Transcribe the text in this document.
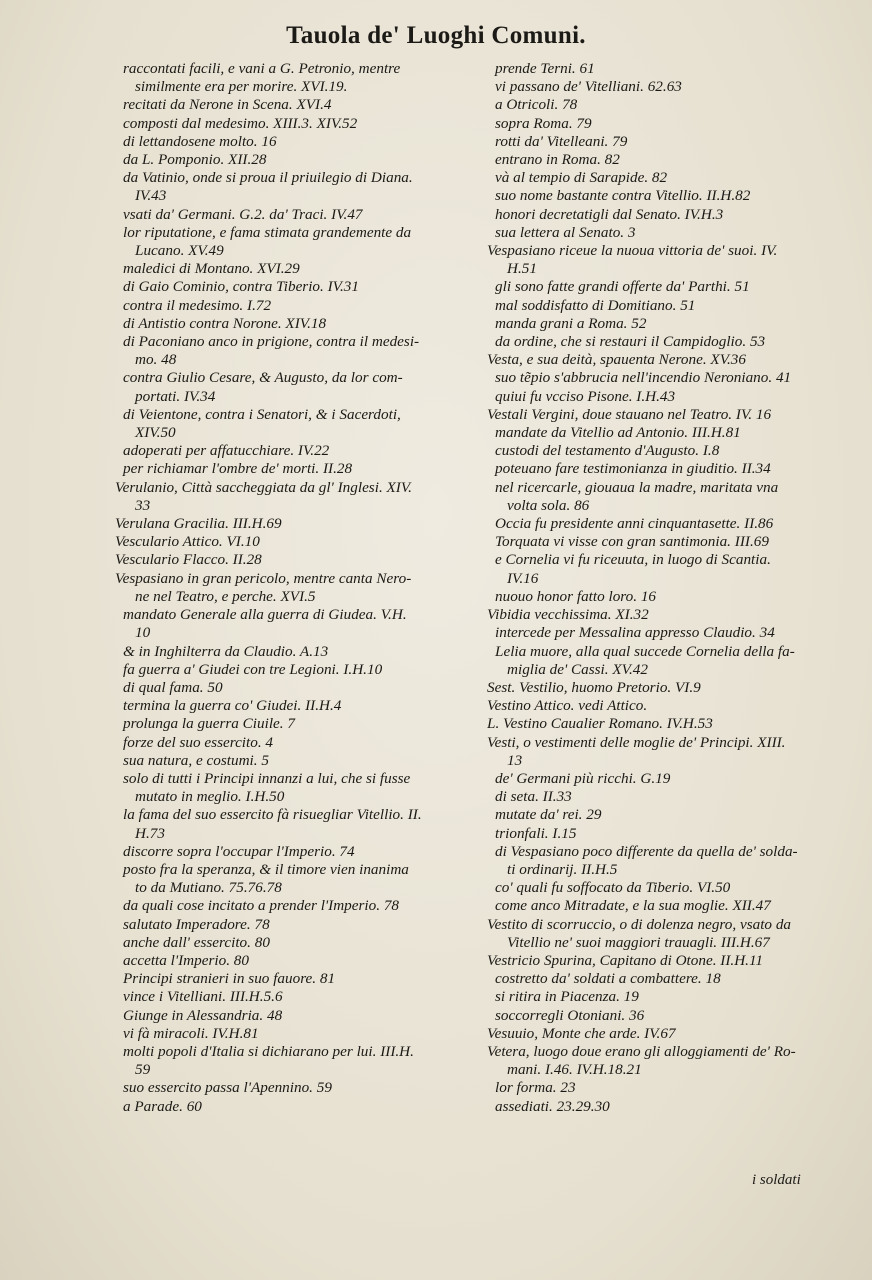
Tauola de' Luoghi Comuni.
raccontati facili, e vani a G. Petronio, mentre
similmente era per morire. XVI.19.
recitati da Nerone in Scena. XVI.4
composti dal medesimo. XIII.3. XIV.52
di lettandosene molto. 16
da L. Pomponio. XII.28
da Vatinio, onde si proua il priuilegio di Diana.
IV.43
vsati da' Germani. G.2. da' Traci. IV.47
lor riputatione, e fama stimata grandemente da
Lucano. XV.49
maledici di Montano. XVI.29
di Gaio Cominio, contra Tiberio. IV.31
contra il medesimo. I.72
di Antistio contra Norone. XIV.18
di Paconiano anco in prigione, contra il medesi-
mo. 48
contra Giulio Cesare, & Augusto, da lor com-
portati. IV.34
di Veientone, contra i Senatori, & i Sacerdoti,
XIV.50
adoperati per affatucchiare. IV.22
per richiamar l'ombre de' morti. II.28
Verulanio, Città saccheggiata da gl' Inglesi. XIV.
33
Verulana Gracilia. III.H.69
Vesculario Attico. VI.10
Vesculario Flacco. II.28
Vespasiano in gran pericolo, mentre canta Nero-
ne nel Teatro, e perche. XVI.5
mandato Generale alla guerra di Giudea. V.H.
10
& in Inghilterra da Claudio. A.13
fa guerra a' Giudei con tre Legioni. I.H.10
di qual fama. 50
termina la guerra co' Giudei. II.H.4
prolunga la guerra Ciuile. 7
forze del suo essercito. 4
sua natura, e costumi. 5
solo di tutti i Principi innanzi a lui, che si fusse
mutato in meglio. I.H.50
la fama del suo essercito fà risuegliar Vitellio. II.
H.73
discorre sopra l'occupar l'Imperio. 74
posto fra la speranza, & il timore vien inanima
to da Mutiano. 75.76.78
da quali cose incitato a prender l'Imperio. 78
salutato Imperadore. 78
anche dall' essercito. 80
accetta l'Imperio. 80
Principi stranieri in suo fauore. 81
vince i Vitelliani. III.H.5.6
Giunge in Alessandria. 48
vi fà miracoli. IV.H.81
molti popoli d'Italia si dichiarano per lui. III.H.
59
suo essercito passa l'Apennino. 59
a Parade. 60
prende Terni. 61
vi passano de' Vitelliani. 62.63
a Otricoli. 78
sopra Roma. 79
rotti da' Vitelleani. 79
entrano in Roma. 82
và al tempio di Sarapide. 82
suo nome bastante contra Vitellio. II.H.82
honori decretatigli dal Senato. IV.H.3
sua lettera al Senato. 3
Vespasiano riceue la nuoua vittoria de' suoi. IV.
H.51
gli sono fatte grandi offerte da' Parthi. 51
mal soddisfatto di Domitiano. 51
manda grani a Roma. 52
da ordine, che si restauri il Campidoglio. 53
Vesta, e sua deità, spauenta Nerone. XV.36
suo tẽpio s'abbrucia nell'incendio Neroniano. 41
quiui fu vcciso Pisone. I.H.43
Vestali Vergini, doue stauano nel Teatro. IV. 16
mandate da Vitellio ad Antonio. III.H.81
custodi del testamento d'Augusto. I.8
poteuano fare testimonianza in giuditio. II.34
nel ricercarle, giouaua la madre, maritata vna
volta sola. 86
Occia fu presidente anni cinquantasette. II.86
Torquata vi visse con gran santimonia. III.69
e Cornelia vi fu riceuuta, in luogo di Scantia.
IV.16
nuouo honor fatto loro. 16
Vibidia vecchissima. XI.32
intercede per Messalina appresso Claudio. 34
Lelia muore, alla qual succede Cornelia della fa-
miglia de' Cassi. XV.42
Sest. Vestilio, huomo Pretorio. VI.9
Vestino Attico. vedi Attico.
L. Vestino Caualier Romano. IV.H.53
Vesti, o vestimenti delle moglie de' Principi. XIII.
13
de' Germani più ricchi. G.19
di seta. II.33
mutate da' rei. 29
trionfali. I.15
di Vespasiano poco differente da quella de' solda-
ti ordinarij. II.H.5
co' quali fu soffocato da Tiberio. VI.50
come anco Mitradate, e la sua moglie. XII.47
Vestito di scorruccio, o di dolenza negro, vsato da
Vitellio ne' suoi maggiori trauagli. III.H.67
Vestricio Spurina, Capitano di Otone. II.H.11
costretto da' soldati a combattere. 18
si ritira in Piacenza. 19
soccorregli Otoniani. 36
Vesuuio, Monte che arde. IV.67
Vetera, luogo doue erano gli alloggiamenti de' Ro-
mani. I.46. IV.H.18.21
lor forma. 23
assediati. 23.29.30
i soldati
